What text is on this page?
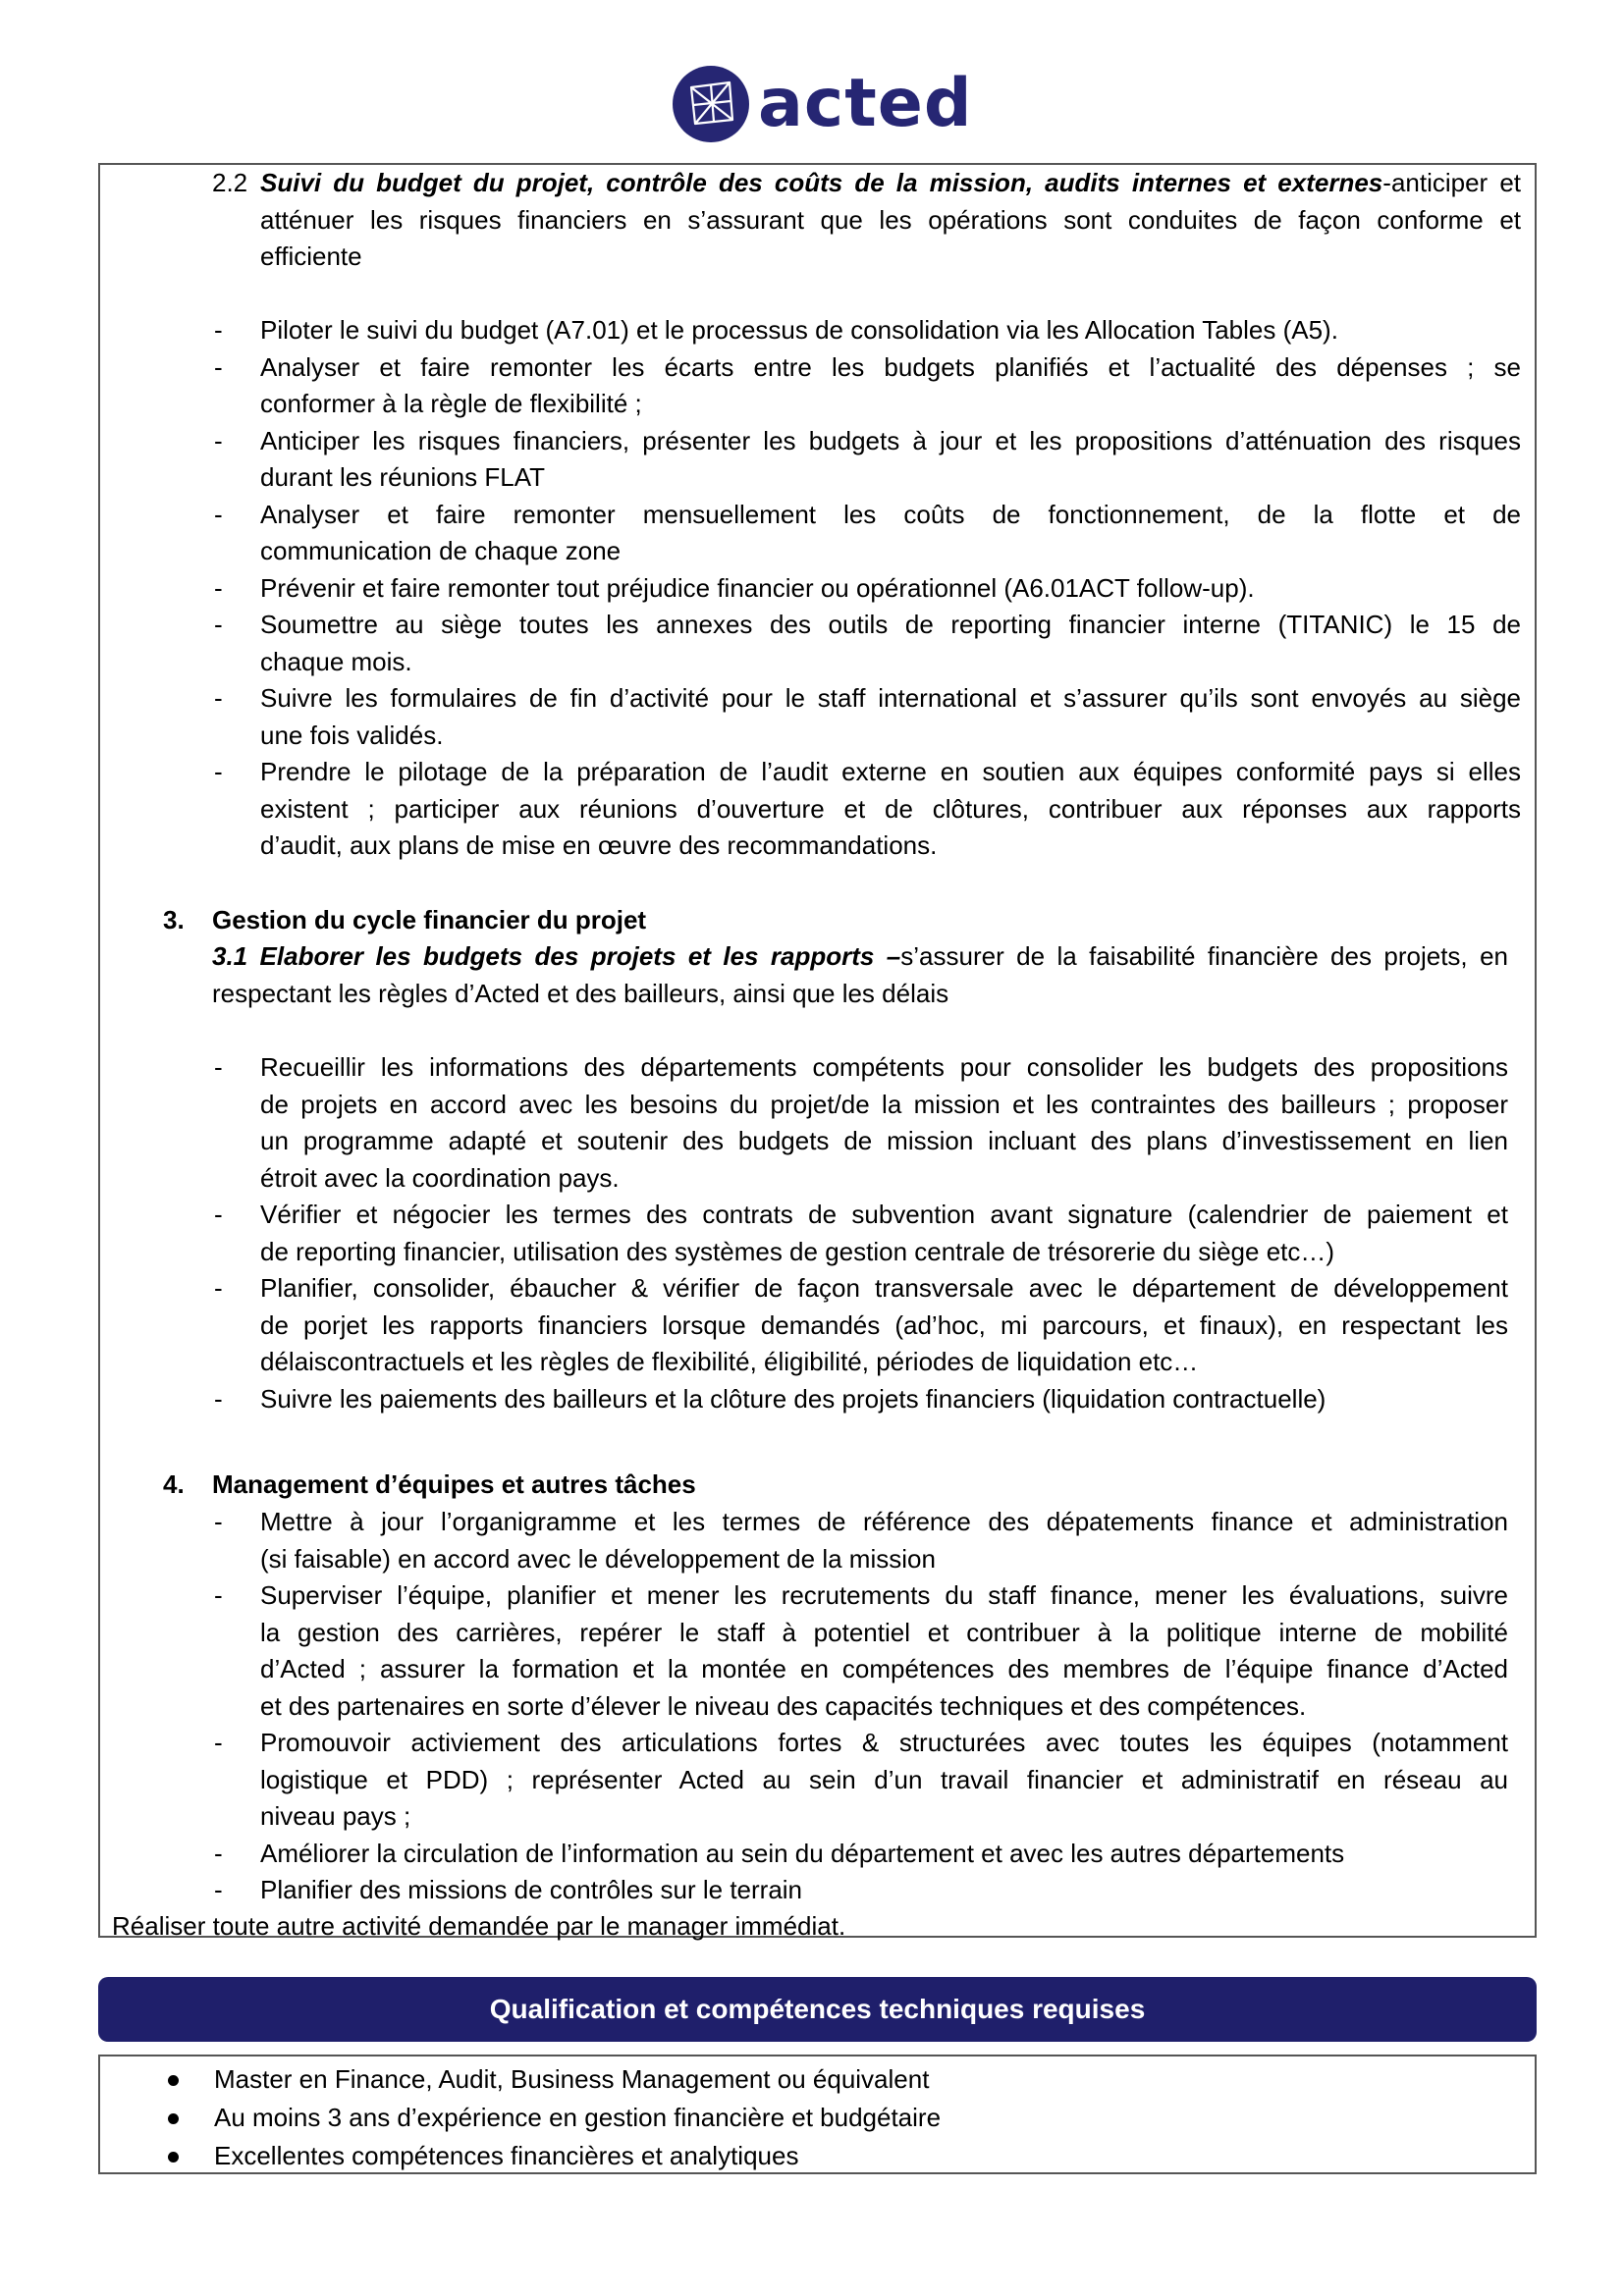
acted
2.2 Suivi du budget du projet, contrôle des coûts de la mission, audits internes et externes-anticiper et
atténuer les risques financiers en s’assurant que les opérations sont conduites de façon conforme et
efficiente
- Piloter le suivi du budget (A7.01) et le processus de consolidation via les Allocation Tables (A5).
- Analyser et faire remonter les écarts entre les budgets planifiés et l’actualité des dépenses ; se
conformer à la règle de flexibilité ;
- Anticiper les risques financiers, présenter les budgets à jour et les propositions d’atténuation des risques
durant les réunions FLAT
- Analyser et faire remonter mensuellement les coûts de fonctionnement, de la flotte et de
communication de chaque zone
- Prévenir et faire remonter tout préjudice financier ou opérationnel (A6.01ACT follow-up).
- Soumettre au siège toutes les annexes des outils de reporting financier interne (TITANIC) le 15 de
chaque mois.
- Suivre les formulaires de fin d’activité pour le staff international et s’assurer qu’ils sont envoyés au siège
une fois validés.
- Prendre le pilotage de la préparation de l’audit externe en soutien aux équipes conformité pays si elles
existent ; participer aux réunions d’ouverture et de clôtures, contribuer aux réponses aux rapports
d’audit, aux plans de mise en œuvre des recommandations.
3. Gestion du cycle financier du projet
3.1 Elaborer les budgets des projets et les rapports –s’assurer de la faisabilité financière des projets, en
respectant les règles d’Acted et des bailleurs, ainsi que les délais
- Recueillir les informations des départements compétents pour consolider les budgets des propositions
de projets en accord avec les besoins du projet/de la mission et les contraintes des bailleurs ; proposer
un programme adapté et soutenir des budgets de mission incluant des plans d’investissement en lien
étroit avec la coordination pays.
- Vérifier et négocier les termes des contrats de subvention avant signature (calendrier de paiement et
de reporting financier, utilisation des systèmes de gestion centrale de trésorerie du siège etc…)
- Planifier, consolider, ébaucher & vérifier de façon transversale avec le département de développement
de porjet les rapports financiers lorsque demandés (ad’hoc, mi parcours, et finaux), en respectant les
délaiscontractuels et les règles de flexibilité, éligibilité, périodes de liquidation etc…
- Suivre les paiements des bailleurs et la clôture des projets financiers (liquidation contractuelle)
4. Management d’équipes et autres tâches
- Mettre à jour l’organigramme et les termes de référence des dépatements finance et administration
(si faisable) en accord avec le développement de la mission
- Superviser l’équipe, planifier et mener les recrutements du staff finance, mener les évaluations, suivre
la gestion des carrières, repérer le staff à potentiel et contribuer à la politique interne de mobilité
d’Acted ; assurer la formation et la montée en compétences des membres de l’équipe finance d’Acted
et des partenaires en sorte d’élever le niveau des capacités techniques et des compétences.
- Promouvoir activiement des articulations fortes & structurées avec toutes les équipes (notamment
logistique et PDD) ; représenter Acted au sein d’un travail financier et administratif en réseau au
niveau pays ;
- Améliorer la circulation de l’information au sein du département et avec les autres départements
- Planifier des missions de contrôles sur le terrain
Réaliser toute autre activité demandée par le manager immédiat.
Qualification et compétences techniques requises
Master en Finance, Audit, Business Management ou équivalent
Au moins 3 ans d’expérience en gestion financière et budgétaire
Excellentes compétences financières et analytiques
